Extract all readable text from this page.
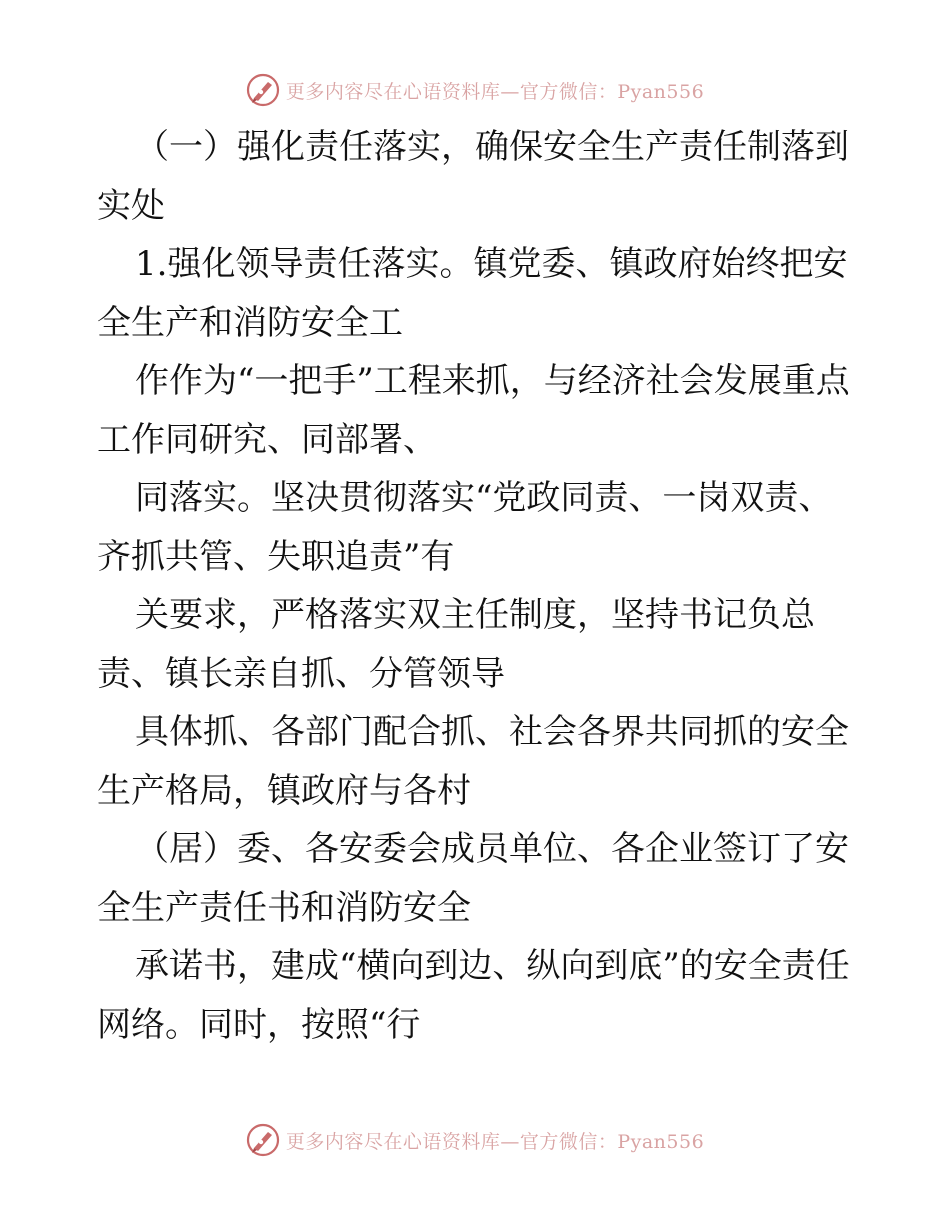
更多内容尽在心语资料库—官方微信：Pyan556

（一）强化责任落实，确保安全生产责任制落到实处

1.强化领导责任落实。镇党委、镇政府始终把安全生产和消防安全工

作作为“一把手”工程来抓，与经济社会发展重点工作同研究、同部署、

同落实。坚决贯彻落实“党政同责、一岗双责、齐抓共管、失职追责”有

关要求，严格落实双主任制度，坚持书记负总责、镇长亲自抓、分管领导

具体抓、各部门配合抓、社会各界共同抓的安全生产格局，镇政府与各村

（居）委、各安委会成员单位、各企业签订了安全生产责任书和消防安全

承诺书，建成“横向到边、纵向到底”的安全责任网络。同时，按照“行

更多内容尽在心语资料库—官方微信：Pyan556
